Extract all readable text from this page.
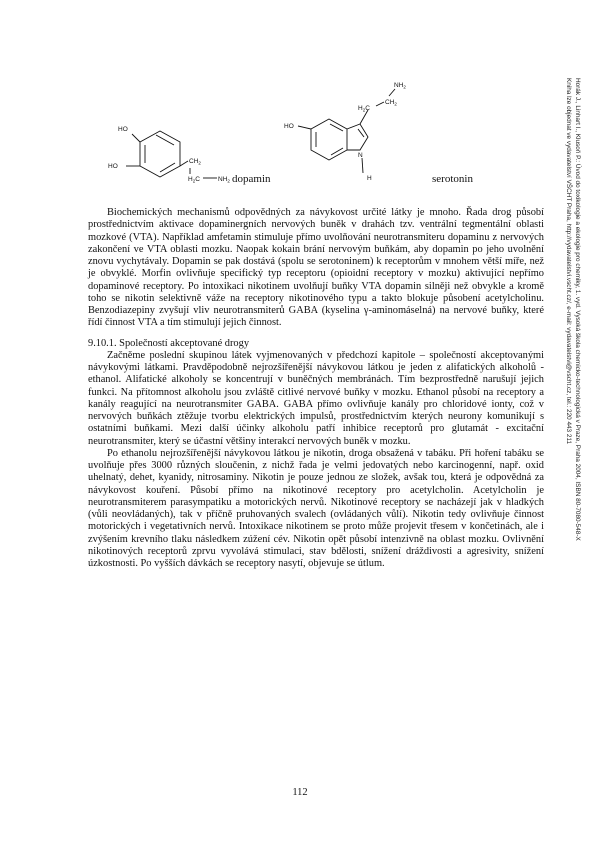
HO
HO
$CH_2$
$H_2C$	$NH_2$
$NH_2$
$CH_2$
$H_2C$
HO
N
H
dopamin	serotonin	Horák J., Linhart I., Klusoň P.: Úvod do toxikologie a ekologie pro chemiky, 1. vyd. Vysoká škola chemicko-technologická v Praze, Praha 2004, ISBN 80-7080-548-X
Kniha lze objednat ve vydavatelství VŠCHT Praha, http://vydavatelstvi.vscht.cz/, e-mail: vydavatelstvi@vscht.cz, tel.: 220 443 211

Biochemických mechanismů odpovědných za návykovost určité látky je mnoho. Řada drog působí prostřednictvím aktivace dopaminergních nervových buněk v drahách tzv. ventrální tegmentální oblasti mozkové (VTA). Například amfetamin stimuluje přímo uvolňování neurotransmiteru dopaminu z nervových zakončení ve VTA oblasti mozku. Naopak kokain brání nervovým buňkám, aby dopamin po jeho uvolnění znovu vychytávaly. Dopamin se pak dostává (spolu se serotoninem) k receptorům v mnohem větší míře, než je obvyklé. Morfin ovlivňuje specifický typ receptoru (opioidní receptory v mozku) aktivující nepřímo dopaminové receptory. Po intoxikaci nikotinem uvolňují buňky VTA dopamin silněji než obvykle a kromě toho se nikotin selektivně váže na receptory nikotinového typu a takto blokuje působení acetylcholinu. Benzodiazepiny zvyšují vliv neurotransmiterů GABA (kyselina γ-aminomáselná) na nervové buňky, které řídí činnost VTA a tím stimulují jejich činnost.

9.10.1. Společností akceptované drogy

Začněme poslední skupinou látek vyjmenovaných v předchozí kapitole – společností akceptovanými návykovými látkami. Pravděpodobně nejrozšířenější návykovou látkou je jeden z alifatických alkoholů - ethanol. Alifatické alkoholy se koncentrují v buněčných membránách. Tím bezprostředně narušují jejich funkci. Na přítomnost alkoholu jsou zvláště citlivé nervové buňky v mozku. Ethanol působí na receptory a kanály reagující na neurotransmiter GABA. GABA přímo ovlivňuje kanály pro chloridové ionty, což v nervových buňkách ztěžuje tvorbu elektrických impulsů, prostřednictvím kterých neurony komunikují s ostatními buňkami. Mezi další účinky alkoholu patří inhibice receptorů pro glutamát - excitační neurotransmiter, který se účastní většiny interakcí nervových buněk v mozku.

Po ethanolu nejrozšířenější návykovou látkou je nikotin, droga obsažená v tabáku. Při hoření tabáku se uvolňuje přes 3000 různých sloučenin, z nichž řada je velmi jedovatých nebo karcinogenní, např. oxid uhelnatý, dehet, kyanidy, nitrosaminy. Nikotin je pouze jednou ze složek, avšak tou, která je odpovědná za návykovost kouření. Působí přímo na nikotinové receptory pro acetylcholin. Acetylcholin je neurotransmiterem parasympatiku a motorických nervů. Nikotinové receptory se nacházejí jak v hladkých (vůli neovládaných), tak v příčně pruhovaných svalech (ovládaných vůlí). Nikotin tedy ovlivňuje činnost motorických i vegetativních nervů. Intoxikace nikotinem se proto může projevit třesem v končetinách, ale i zvýšením krevního tlaku následkem zúžení cév. Nikotin opět působí intenzivně na oblast mozku. Ovlivnění nikotinových receptorů zprvu vyvolává stimulaci, stav bdělosti, snížení dráždivosti a agresivity, snížení úzkostnosti. Po vyšších dávkách se receptory nasytí, objevuje se útlum.

112
